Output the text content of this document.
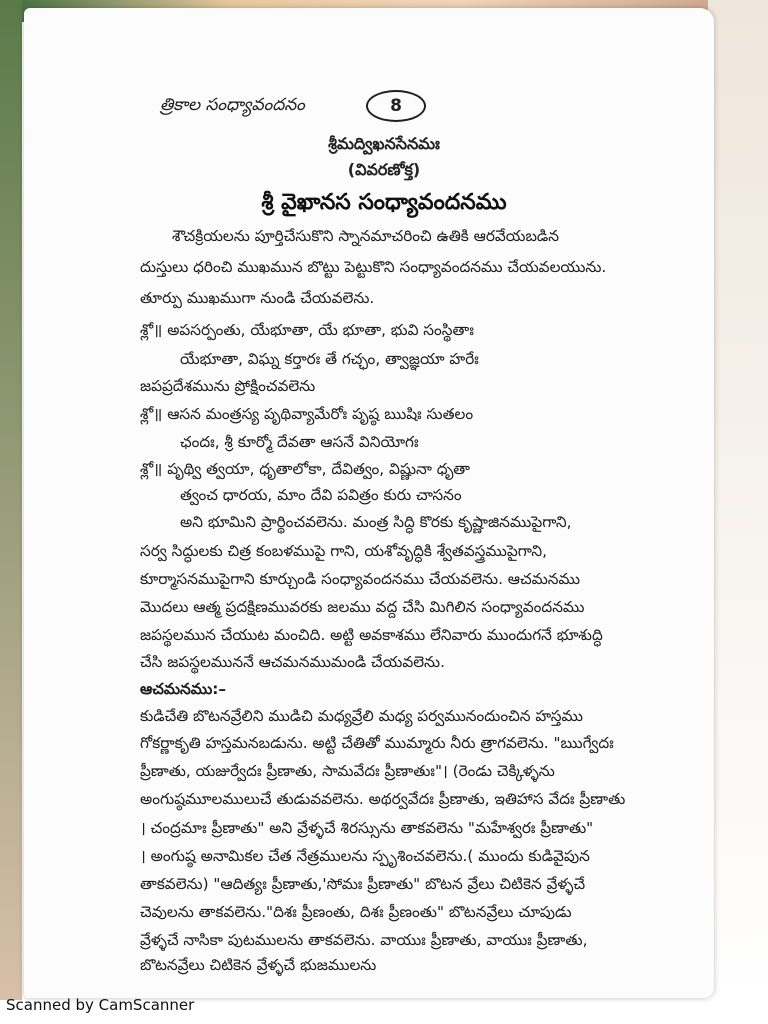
త్రికాల సంధ్యావందనం	8
శ్రీమద్విఖనసేనమః
(వివరణోక్త)
శ్రీ వైఖానస సంధ్యావందనము
శౌచక్రియలను పూర్తిచేసుకొని స్నానమాచరించి ఉతికి ఆరవేయబడిన
దుస్తులు ధరించి ముఖమున బొట్టు పెట్టుకొని సంధ్యావందనము చేయవలయును.
తూర్పు ముఖముగా నుండి చేయవలెను.
శ్లో॥ అపసర్పంతు, యేభూతా, యే భూతా, భువి సంస్థితాః
యేభూతా, విఘ్న కర్తారః తే గచ్ఛం, త్వాజ్ఞయా హరేః
జపప్రదేశమును ప్రోక్షించవలెను
శ్లో॥ ఆసన మంత్రస్య పృథివ్యామేరోః పృష్ఠ ఋషిః సుతలం
ఛందః, శ్రీ కూర్మో దేవతా ఆసనే వినియోగః
శ్లో॥ పృథ్వి త్వయా, ధృతాలోకా, దేవిత్వం, విష్ణునా ధృతా
త్వంచ ధారయ, మాం దేవి పవిత్రం కురు చాసనం
అని భూమిని ప్రార్థించవలెను. మంత్ర సిద్ధి కొరకు కృష్ణాజినముపైగాని,
సర్వ సిద్ధులకు చిత్ర కంబళముపై గాని, యశోవృద్ధికి శ్వేతవస్త్రముపైగాని,
కూర్మాసనముపైగాని కూర్చుండి సంధ్యావందనము చేయవలెను. ఆచమనము
మొదలు ఆత్మ ప్రదక్షిణమువరకు జలము వద్ద చేసి మిగిలిన సంధ్యావందనము
జపస్థలమున చేయుట మంచిది. అట్టి అవకాశము లేనివారు ముందుగనే భూశుద్ధి
చేసి జపస్థలముననే ఆచమనముమండి చేయవలెను.
ఆచమనము:–
కుడిచేతి బొటనవ్రేలిని ముడిచి మధ్యవ్రేలి మధ్య పర్వమునందుంచిన హస్తము
గోకర్ణాకృతి హస్తమనబడును. అట్టి చేతితో ముమ్మారు నీరు త్రాగవలెను. "ఋగ్వేదః
ప్రీణాతు, యజుర్వేదః ప్రీణాతు, సామవేదః ప్రీణాతుః"। (రెండు చెక్కిళ్ళను
అంగుష్ఠమూలములుచే తుడువవలెను. అథర్వవేదః ప్రీణాతు, ఇతిహాస వేదః ప్రీణాతు
। చంద్రమాః ప్రీణాతు" అని వ్రేళ్ళచే శిరస్సును తాకవలెను "మహేశ్వరః ప్రీణాతు"
। అంగుష్ఠ అనామికల చేత నేత్రములను స్పృశించవలెను.( ముందు కుడివైపున
తాకవలెను) "ఆదిత్యః ప్రీణాతు,'సోమః ప్రీణాతు" బొటన వ్రేలు చిటికెన వ్రేళ్ళచే
చెవులను తాకవలెను."దిశః ప్రీణంతు, దిశః ప్రీణంతు" బొటనవ్రేలు చూపుడు
వ్రేళ్ళచే నాసికా పుటములను తాకవలెను. వాయుః ప్రీణాతు, వాయుః ప్రీణాతు,
బొటనవ్రేలు చిటికెన వ్రేళ్ళచే భుజములను
Scanned by CamScanner
